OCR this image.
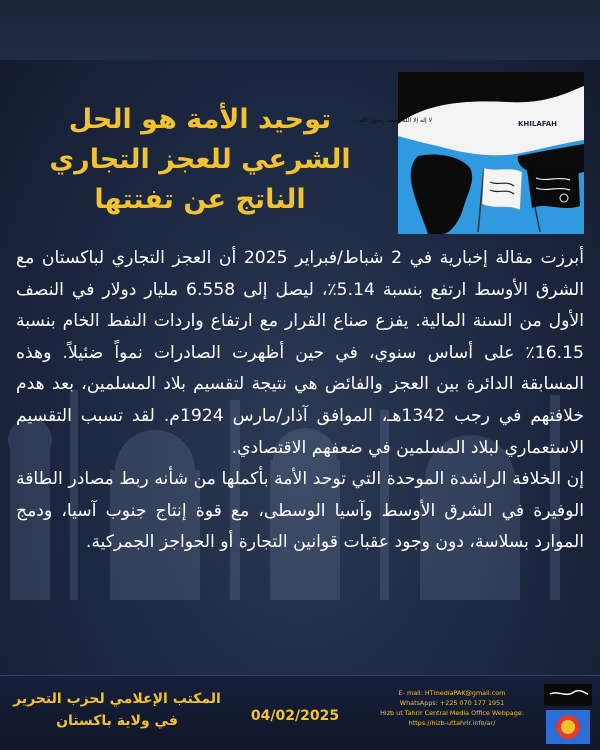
KHILAFAH
لا إله إلا الله محمد رسول الله
توحيد الأمة هو الحل
الشرعي للعجز التجاري
الناتج عن تفتتها

أبرزت مقالة إخبارية في 2 شباط/فبراير 2025 أن العجز التجاري لباكستان مع الشرق الأوسط ارتفع بنسبة 5.14٪، ليصل إلى 6.558 مليار دولار في النصف الأول من السنة المالية. يفزع صناع القرار مع ارتفاع واردات النفط الخام بنسبة 16.15٪ على أساس سنوي، في حين أظهرت الصادرات نمواً ضئيلاً. وهذه المسابقة الدائرة بين العجز والفائض هي نتيجة لتقسيم بلاد المسلمين، بعد هدم خلافتهم في رجب 1342هـ، الموافق آذار/مارس 1924م. لقد تسبب التقسيم الاستعماري لبلاد المسلمين في ضعفهم الاقتصادي.

إن الخلافة الراشدة الموحدة التي توحد الأمة بأكملها من شأنه ربط مصادر الطاقة الوفيرة في الشرق الأوسط وآسيا الوسطى، مع قوة إنتاج جنوب آسيا، ودمج الموارد بسلاسة، دون وجود عقبات قوانين التجارة أو الحواجز الجمركية.

المكتب الإعلامي لحزب التحرير
في ولاية باكستان	04/02/2025
E- mail: HTmediaPAK@gmail.com
WhatsApps: +225 070 177 1951
Hizb ut Tahrir Central Media Office Webpage:
https://hizb-uttahrir.info/ar/
